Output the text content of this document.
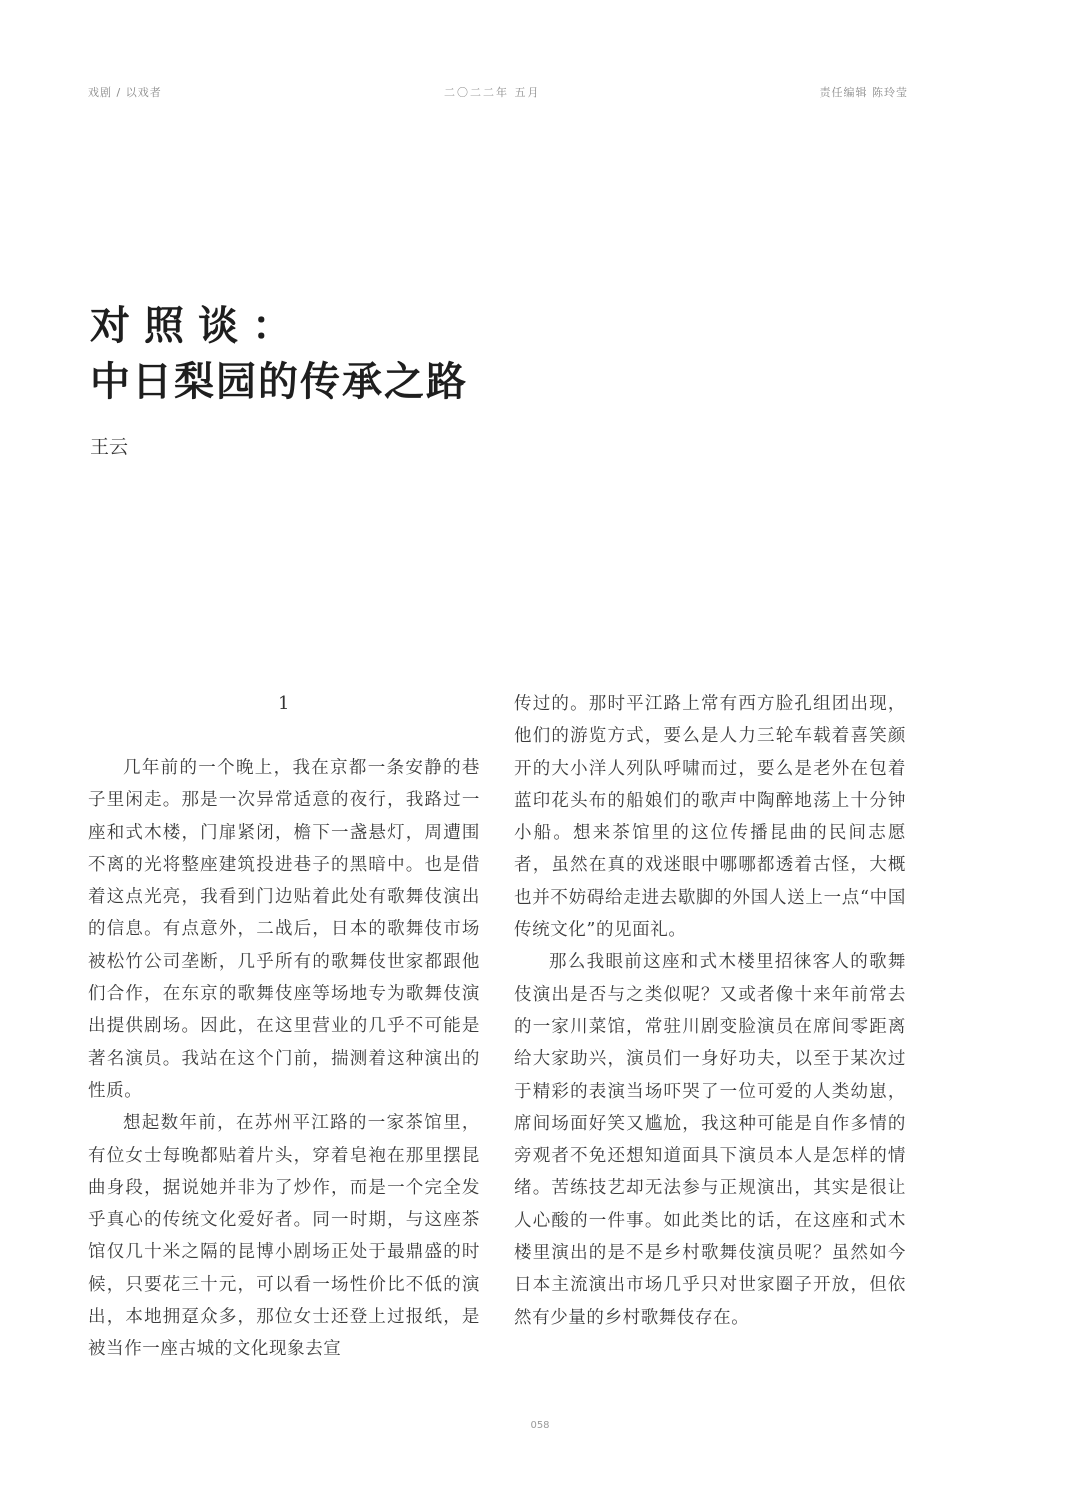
戏剧 / 以戏者	二〇二二年 五月	责任编辑 陈玲莹
对照谈：
中日梨园的传承之路
王云
1

几年前的一个晚上，我在京都一条安静的巷子里闲走。那是一次异常适意的夜行，我路过一座和式木楼，门扉紧闭，檐下一盏悬灯，周遭围不离的光将整座建筑投进巷子的黑暗中。也是借着这点光亮，我看到门边贴着此处有歌舞伎演出的信息。有点意外，二战后，日本的歌舞伎市场被松竹公司垄断，几乎所有的歌舞伎世家都跟他们合作，在东京的歌舞伎座等场地专为歌舞伎演出提供剧场。因此，在这里营业的几乎不可能是著名演员。我站在这个门前，揣测着这种演出的性质。

想起数年前，在苏州平江路的一家茶馆里，有位女士每晚都贴着片头，穿着皂袍在那里摆昆曲身段，据说她并非为了炒作，而是一个完全发乎真心的传统文化爱好者。同一时期，与这座茶馆仅几十米之隔的昆博小剧场正处于最鼎盛的时候，只要花三十元，可以看一场性价比不低的演出，本地拥趸众多，那位女士还登上过报纸，是被当作一座古城的文化现象去宣

传过的。那时平江路上常有西方脸孔组团出现，他们的游览方式，要么是人力三轮车载着喜笑颜开的大小洋人列队呼啸而过，要么是老外在包着蓝印花头布的船娘们的歌声中陶醉地荡上十分钟小船。想来茶馆里的这位传播昆曲的民间志愿者，虽然在真的戏迷眼中哪哪都透着古怪，大概也并不妨碍给走进去歇脚的外国人送上一点“中国传统文化”的见面礼。

那么我眼前这座和式木楼里招徕客人的歌舞伎演出是否与之类似呢？又或者像十来年前常去的一家川菜馆，常驻川剧变脸演员在席间零距离给大家助兴，演员们一身好功夫，以至于某次过于精彩的表演当场吓哭了一位可爱的人类幼崽，席间场面好笑又尴尬，我这种可能是自作多情的旁观者不免还想知道面具下演员本人是怎样的情绪。苦练技艺却无法参与正规演出，其实是很让人心酸的一件事。如此类比的话，在这座和式木楼里演出的是不是乡村歌舞伎演员呢？虽然如今日本主流演出市场几乎只对世家圈子开放，但依然有少量的乡村歌舞伎存在。

058
